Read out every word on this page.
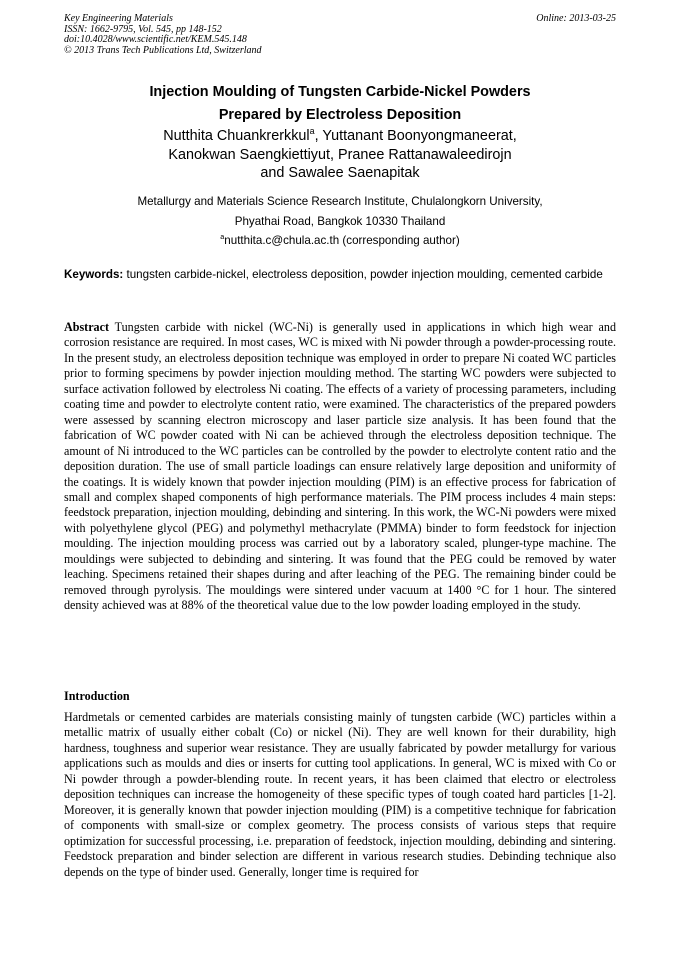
Key Engineering Materials
ISSN: 1662-9795, Vol. 545, pp 148-152
doi:10.4028/www.scientific.net/KEM.545.148
© 2013 Trans Tech Publications Ltd, Switzerland
Online: 2013-03-25
Injection Moulding of Tungsten Carbide-Nickel Powders
Prepared by Electroless Deposition
Nutthita Chuankrerkkul$^a$, Yuttanant Boonyongmaneerat,
Kanokwan Saengkiettiyut, Pranee Rattanawaleedirojn
and Sawalee Saenapitak
Metallurgy and Materials Science Research Institute, Chulalongkorn University,
Phyathai Road, Bangkok 10330 Thailand
$^a$nutthita.c@chula.ac.th (corresponding author)
Keywords: tungsten carbide-nickel, electroless deposition, powder injection moulding, cemented carbide

Abstract Tungsten carbide with nickel (WC-Ni) is generally used in applications in which high wear and corrosion resistance are required. In most cases, WC is mixed with Ni powder through a powder-processing route. In the present study, an electroless deposition technique was employed in order to prepare Ni coated WC particles prior to forming specimens by powder injection moulding method. The starting WC powders were subjected to surface activation followed by electroless Ni coating. The effects of a variety of processing parameters, including coating time and powder to electrolyte content ratio, were examined. The characteristics of the prepared powders were assessed by scanning electron microscopy and laser particle size analysis. It has been found that the fabrication of WC powder coated with Ni can be achieved through the electroless deposition technique. The amount of Ni introduced to the WC particles can be controlled by the powder to electrolyte content ratio and the deposition duration. The use of small particle loadings can ensure relatively large deposition and uniformity of the coatings. It is widely known that powder injection moulding (PIM) is an effective process for fabrication of small and complex shaped components of high performance materials. The PIM process includes 4 main steps: feedstock preparation, injection moulding, debinding and sintering. In this work, the WC-Ni powders were mixed with polyethylene glycol (PEG) and polymethyl methacrylate (PMMA) binder to form feedstock for injection moulding. The injection moulding process was carried out by a laboratory scaled, plunger-type machine. The mouldings were subjected to debinding and sintering. It was found that the PEG could be removed by water leaching. Specimens retained their shapes during and after leaching of the PEG. The remaining binder could be removed through pyrolysis. The mouldings were sintered under vacuum at 1400 °C for 1 hour. The sintered density achieved was at 88% of the theoretical value due to the low powder loading employed in the study.

Introduction

Hardmetals or cemented carbides are materials consisting mainly of tungsten carbide (WC) particles within a metallic matrix of usually either cobalt (Co) or nickel (Ni). They are well known for their durability, high hardness, toughness and superior wear resistance. They are usually fabricated by powder metallurgy for various applications such as moulds and dies or inserts for cutting tool applications. In general, WC is mixed with Co or Ni powder through a powder-blending route. In recent years, it has been claimed that electro or electroless deposition techniques can increase the homogeneity of these specific types of tough coated hard particles [1-2]. Moreover, it is generally known that powder injection moulding (PIM) is a competitive technique for fabrication of components with small-size or complex geometry. The process consists of various steps that require optimization for successful processing, i.e. preparation of feedstock, injection moulding, debinding and sintering. Feedstock preparation and binder selection are different in various research studies. Debinding technique also depends on the type of binder used. Generally, longer time is required for
